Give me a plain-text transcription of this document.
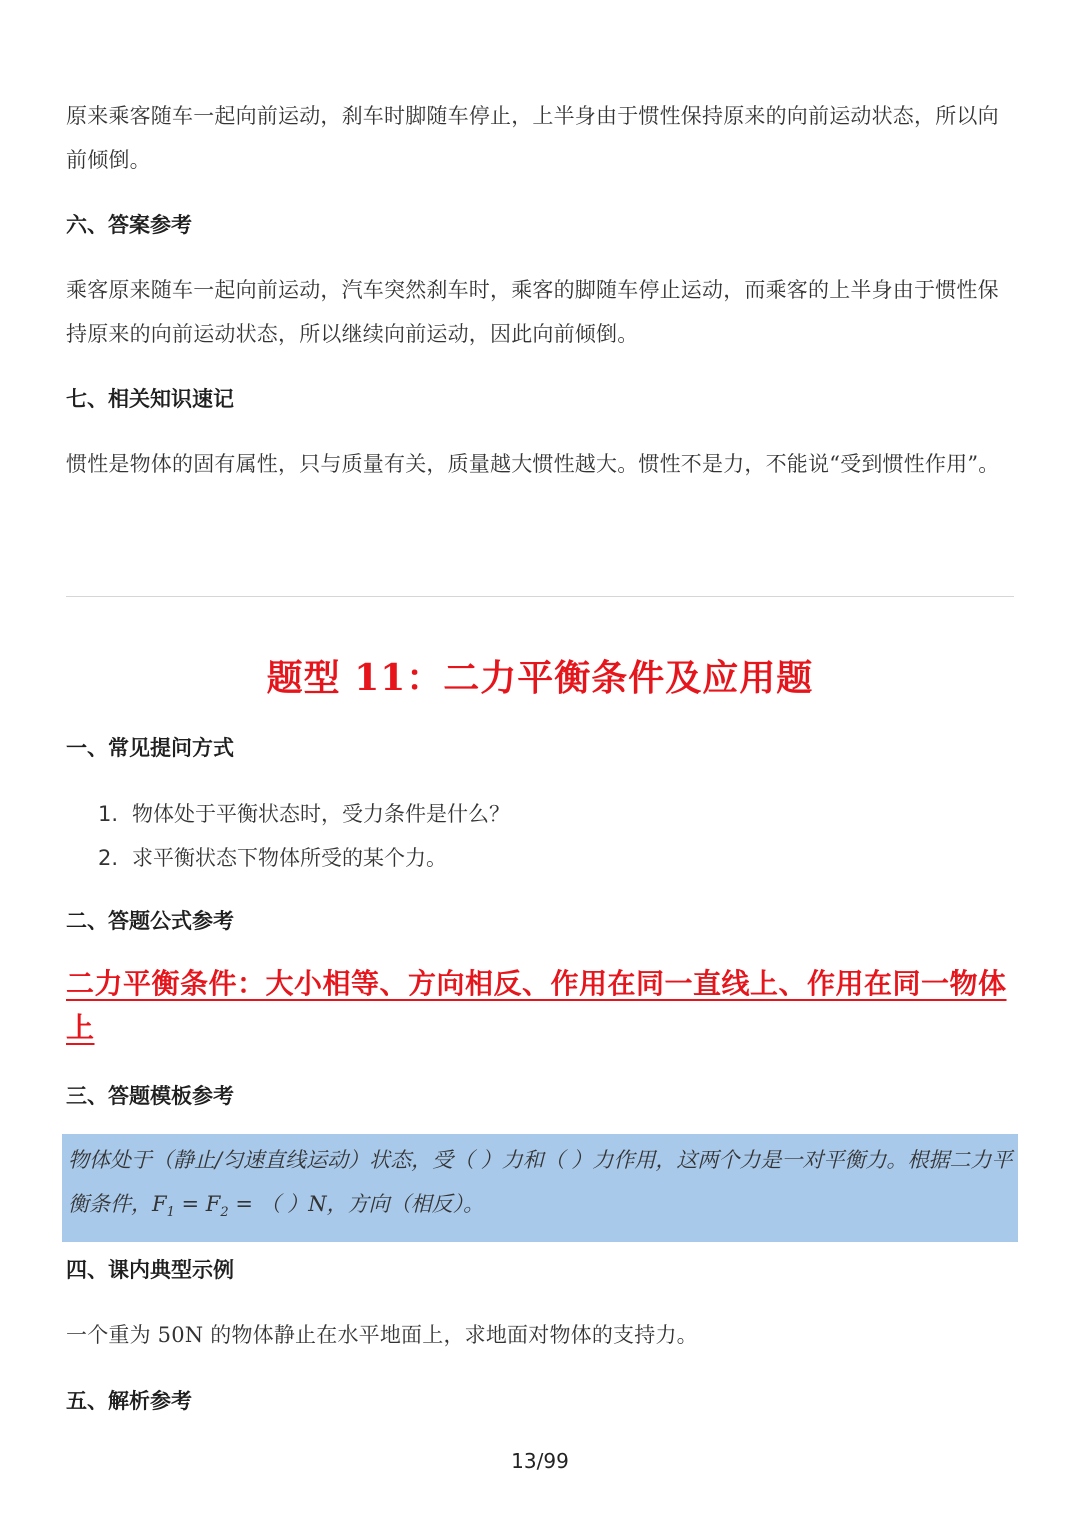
原来乘客随车一起向前运动，刹车时脚随车停止，上半身由于惯性保持原来的向前运动状态，所以向前倾倒。
六、答案参考
乘客原来随车一起向前运动，汽车突然刹车时，乘客的脚随车停止运动，而乘客的上半身由于惯性保持原来的向前运动状态，所以继续向前运动，因此向前倾倒。
七、相关知识速记
惯性是物体的固有属性，只与质量有关，质量越大惯性越大。惯性不是力，不能说“受到惯性作用”。
题型 11：二力平衡条件及应用题
一、常见提问方式
1. 物体处于平衡状态时，受力条件是什么？
2. 求平衡状态下物体所受的某个力。
二、答题公式参考
二力平衡条件：大小相等、方向相反、作用在同一直线上、作用在同一物体上
三、答题模板参考
物体处于（静止/匀速直线运动）状态，受（ ）力和（ ）力作用，这两个力是一对平衡力。根据二力平衡条件，$F_1 = F_2$ = （ ）N，方向（相反）。
四、课内典型示例
一个重为 50N 的物体静止在水平地面上，求地面对物体的支持力。
五、解析参考
13/99
